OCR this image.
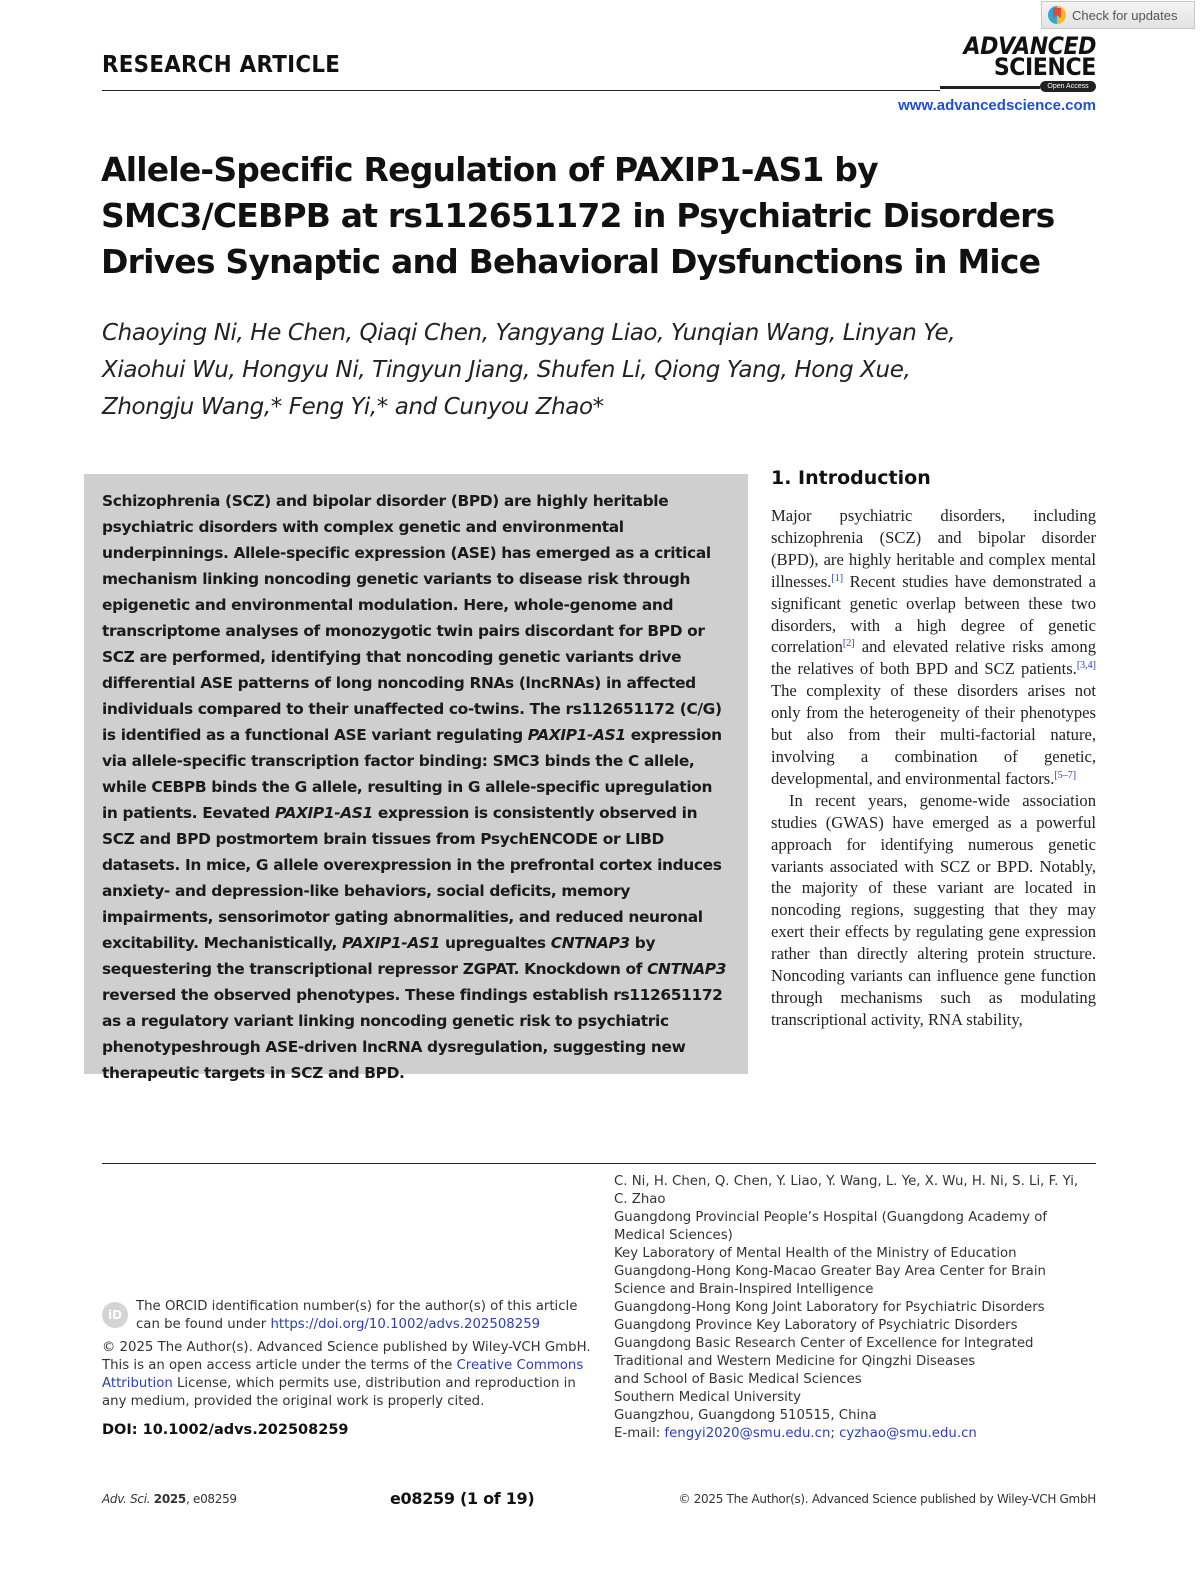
Check for updates
RESEARCH ARTICLE
ADVANCED
SCIENCE
Open Access
www.advancedscience.com
Allele-Specific Regulation of PAXIP1-AS1 by SMC3/CEBPB at rs112651172 in Psychiatric Disorders Drives Synaptic and Behavioral Dysfunctions in Mice
Chaoying Ni, He Chen, Qiaqi Chen, Yangyang Liao, Yunqian Wang, Linyan Ye,
Xiaohui Wu, Hongyu Ni, Tingyun Jiang, Shufen Li, Qiong Yang, Hong Xue,
Zhongju Wang,* Feng Yi,* and Cunyou Zhao*

Schizophrenia (SCZ) and bipolar disorder (BPD) are highly heritable psychiatric disorders with complex genetic and environmental underpinnings. Allele-specific expression (ASE) has emerged as a critical mechanism linking noncoding genetic variants to disease risk through epigenetic and environmental modulation. Here, whole-genome and transcriptome analyses of monozygotic twin pairs discordant for BPD or SCZ are performed, identifying that noncoding genetic variants drive differential ASE patterns of long noncoding RNAs (lncRNAs) in affected individuals compared to their unaffected co-twins. The rs112651172 (C/G) is identified as a functional ASE variant regulating PAXIP1-AS1 expression via allele-specific transcription factor binding: SMC3 binds the C allele, while CEBPB binds the G allele, resulting in G allele-specific upregulation in patients. Eevated PAXIP1-AS1 expression is consistently observed in SCZ and BPD postmortem brain tissues from PsychENCODE or LIBD datasets. In mice, G allele overexpression in the prefrontal cortex induces anxiety- and depression-like behaviors, social deficits, memory impairments, sensorimotor gating abnormalities, and reduced neuronal excitability. Mechanistically, PAXIP1-AS1 upregualtes CNTNAP3 by sequestering the transcriptional repressor ZGPAT. Knockdown of CNTNAP3 reversed the observed phenotypes. These findings establish rs112651172 as a regulatory variant linking noncoding genetic risk to psychiatric phenotypeshrough ASE-driven lncRNA dysregulation, suggesting new therapeutic targets in SCZ and BPD.

1. Introduction

Major psychiatric disorders, including schizophrenia (SCZ) and bipolar disorder (BPD), are highly heritable and complex mental illnesses.[1] Recent studies have demonstrated a significant genetic overlap between these two disorders, with a high degree of genetic correlation[2] and elevated relative risks among the relatives of both BPD and SCZ patients.[3,4] The complexity of these disorders arises not only from the heterogeneity of their phenotypes but also from their multi-factorial nature, involving a combination of genetic, developmental, and environmental factors.[5–7]

In recent years, genome-wide association studies (GWAS) have emerged as a powerful approach for identifying numerous genetic variants associated with SCZ or BPD. Notably, the majority of these variant are located in noncoding regions, suggesting that they may exert their effects by regulating gene expression rather than directly altering protein structure. Noncoding variants can influence gene function through mechanisms such as modulating transcriptional activity, RNA stability,

iD
The ORCID identification number(s) for the author(s) of this article can be found under https://doi.org/10.1002/advs.202508259
© 2025 The Author(s). Advanced Science published by Wiley-VCH GmbH. This is an open access article under the terms of the Creative Commons Attribution License, which permits use, distribution and reproduction in any medium, provided the original work is properly cited.
DOI: 10.1002/advs.202508259
C. Ni, H. Chen, Q. Chen, Y. Liao, Y. Wang, L. Ye, X. Wu, H. Ni, S. Li, F. Yi,
C. Zhao
Guangdong Provincial People’s Hospital (Guangdong Academy of
Medical Sciences)
Key Laboratory of Mental Health of the Ministry of Education
Guangdong-Hong Kong-Macao Greater Bay Area Center for Brain
Science and Brain-Inspired Intelligence
Guangdong-Hong Kong Joint Laboratory for Psychiatric Disorders
Guangdong Province Key Laboratory of Psychiatric Disorders
Guangdong Basic Research Center of Excellence for Integrated
Traditional and Western Medicine for Qingzhi Diseases
and School of Basic Medical Sciences
Southern Medical University
Guangzhou, Guangdong 510515, China
E-mail: fengyi2020@smu.edu.cn; cyzhao@smu.edu.cn
Adv. Sci. 2025, e08259	e08259 (1 of 19)	© 2025 The Author(s). Advanced Science published by Wiley-VCH GmbH
